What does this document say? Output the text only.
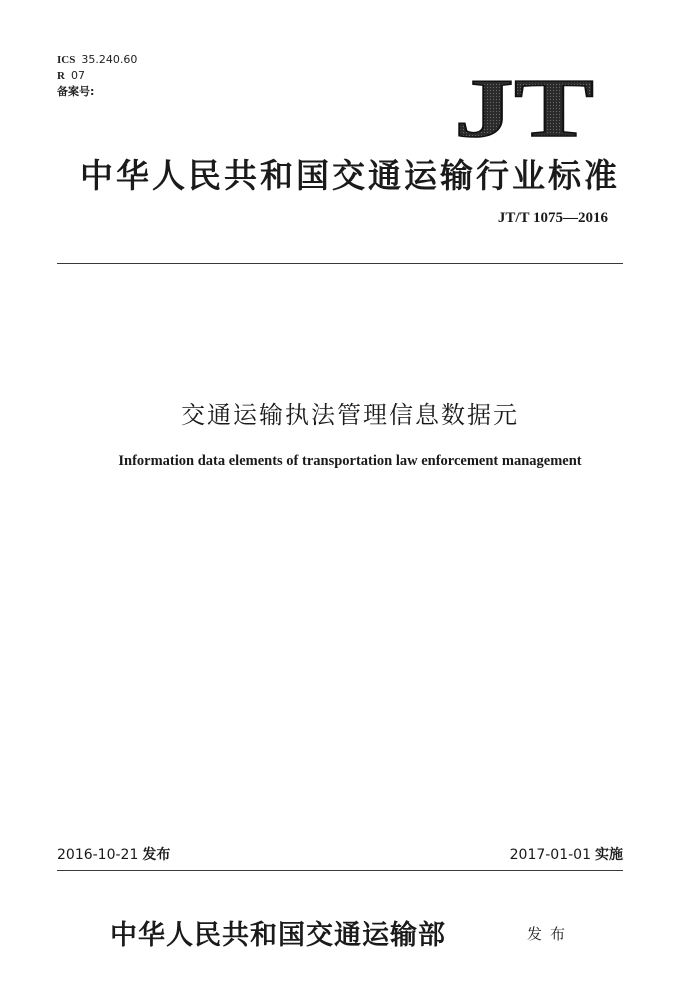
ICS 35.240.60
R 07
备案号:	JT
中华人民共和国交通运输行业标准
JT/T 1075—2016
交通运输执法管理信息数据元
Information data elements of transportation law enforcement management
2016-10-21 发布	2017-01-01 实施
中华人民共和国交通运输部	发布
